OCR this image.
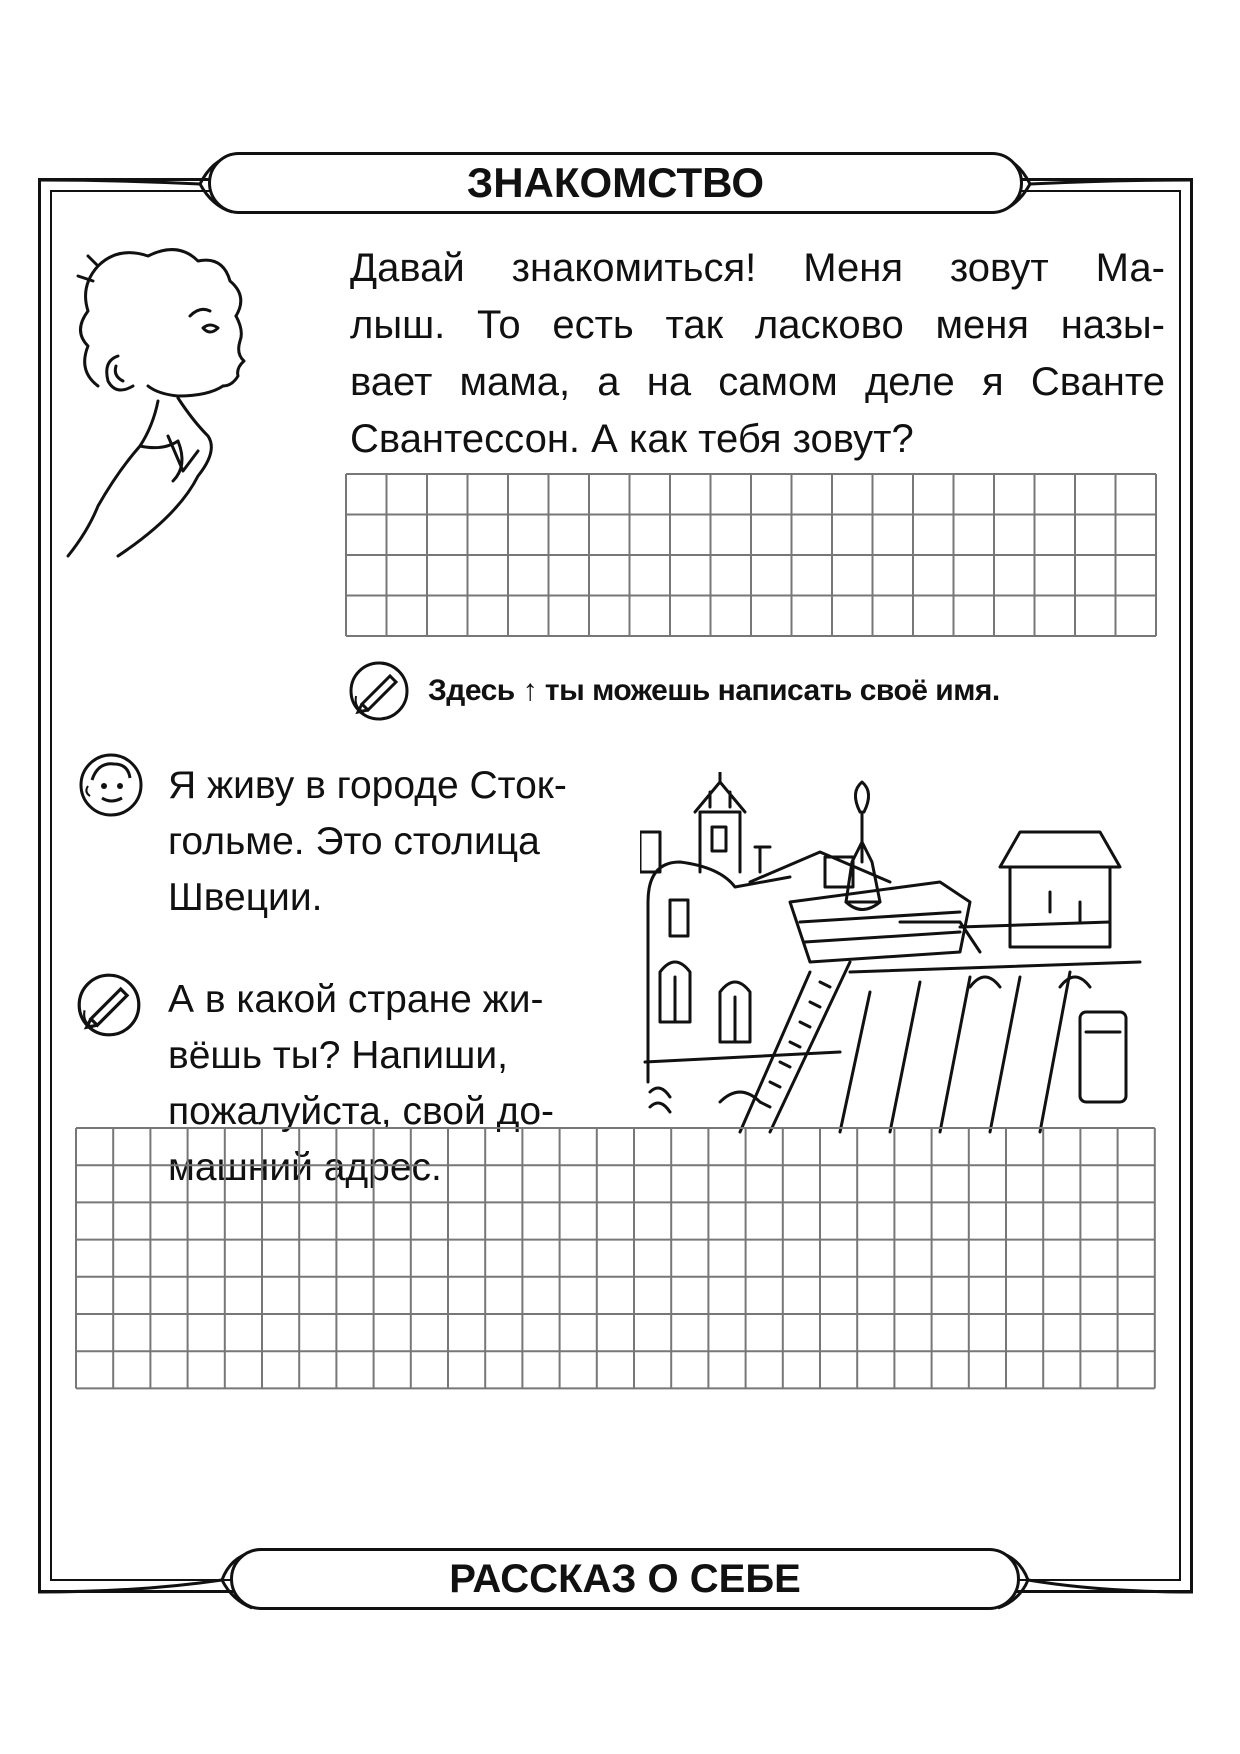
ЗНАКОМСТВО
Давай знакомиться! Меня зовут Ма-
лыш. То есть так ласково меня назы-
вает мама, а на самом деле я Сванте
Свантессон. А как тебя зовут?
Здесь ↑ ты можешь написать своё имя.
Я живу в городе Сток-
гольме. Это столица
Швеции.
А в какой стране жи-
вёшь ты? Напиши,
пожалуйста, свой до-
машний адрес.
РАССКАЗ О СЕБЕ
